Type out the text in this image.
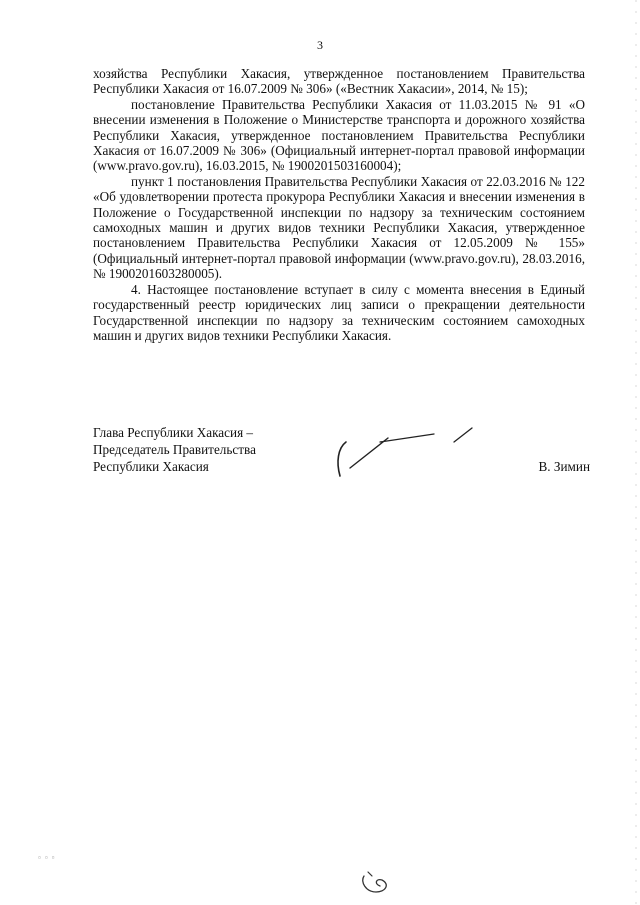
3

хозяйства Республики Хакасия, утвержденное постановлением Правительства Республики Хакасия от 16.07.2009 № 306» («Вестник Хакасии», 2014, № 15);

постановление Правительства Республики Хакасия от 11.03.2015 № 91 «О внесении изменения в Положение о Министерстве транспорта и дорожного хозяйства Республики Хакасия, утвержденное постановлением Правительства Республики Хакасия от 16.07.2009 № 306» (Официальный интернет-портал правовой информации (www.pravo.gov.ru), 16.03.2015, № 1900201503160004);

пункт 1 постановления Правительства Республики Хакасия от 22.03.2016 № 122 «Об удовлетворении протеста прокурора Республики Хакасия и внесении изменения в Положение о Государственной инспекции по надзору за техническим состоянием самоходных машин и других видов техники Республики Хакасия, утвержденное постановлением Правительства Республики Хакасия от 12.05.2009 № 155» (Официальный интернет-портал правовой информации (www.pravo.gov.ru), 28.03.2016, № 1900201603280005).

4. Настоящее постановление вступает в силу с момента внесения в Единый государственный реестр юридических лиц записи о прекращении деятельности Государственной инспекции по надзору за техническим состоянием самоходных машин и других видов техники Республики Хакасия.

Глава Республики Хакасия –
Председатель Правительства
Республики Хакасия	В. Зимин
▫ ▫ ▫
